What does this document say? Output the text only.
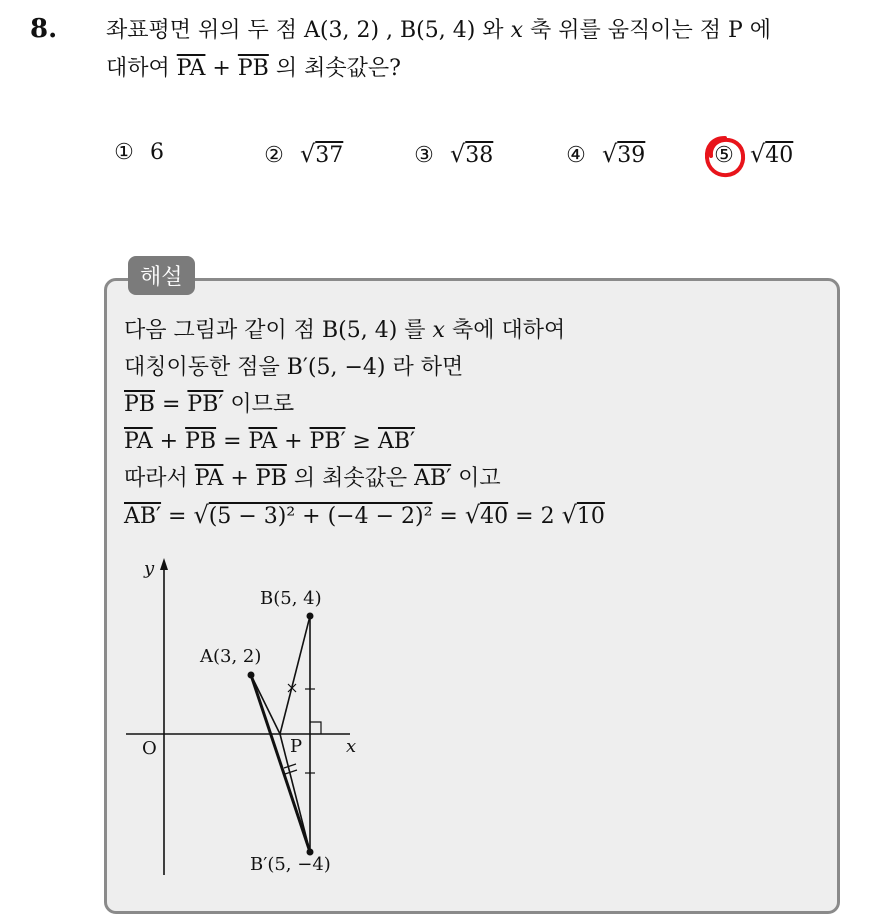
8. 좌표평면 위의 두 점 A(3, 2) , B(5, 4) 와 x 축 위를 움직이는 점 P 에
대하여 $\overline{PA} + \overline{PB}$ 의 최솟값은?
① 6	② √37	③ √38	④ √39	⑤ √40
해설
다음 그림과 같이 점 B(5, 4) 를 x 축에 대하여
대칭이동한 점을 B′(5, −4) 라 하면
$\overline{PB} = PB'$ 이므로
$\overline{PA} + \overline{PB} = \overline{PA} + PB' \ge AB'$
따라서 $\overline{PA} + \overline{PB}$ 의 최솟값은 AB′ 이고
AB′ = √(5 − 3)² + (−4 − 2)² = √40 = 2 √10
y
x
O
A(3, 2)
B(5, 4)
B′(5, −4)
P
